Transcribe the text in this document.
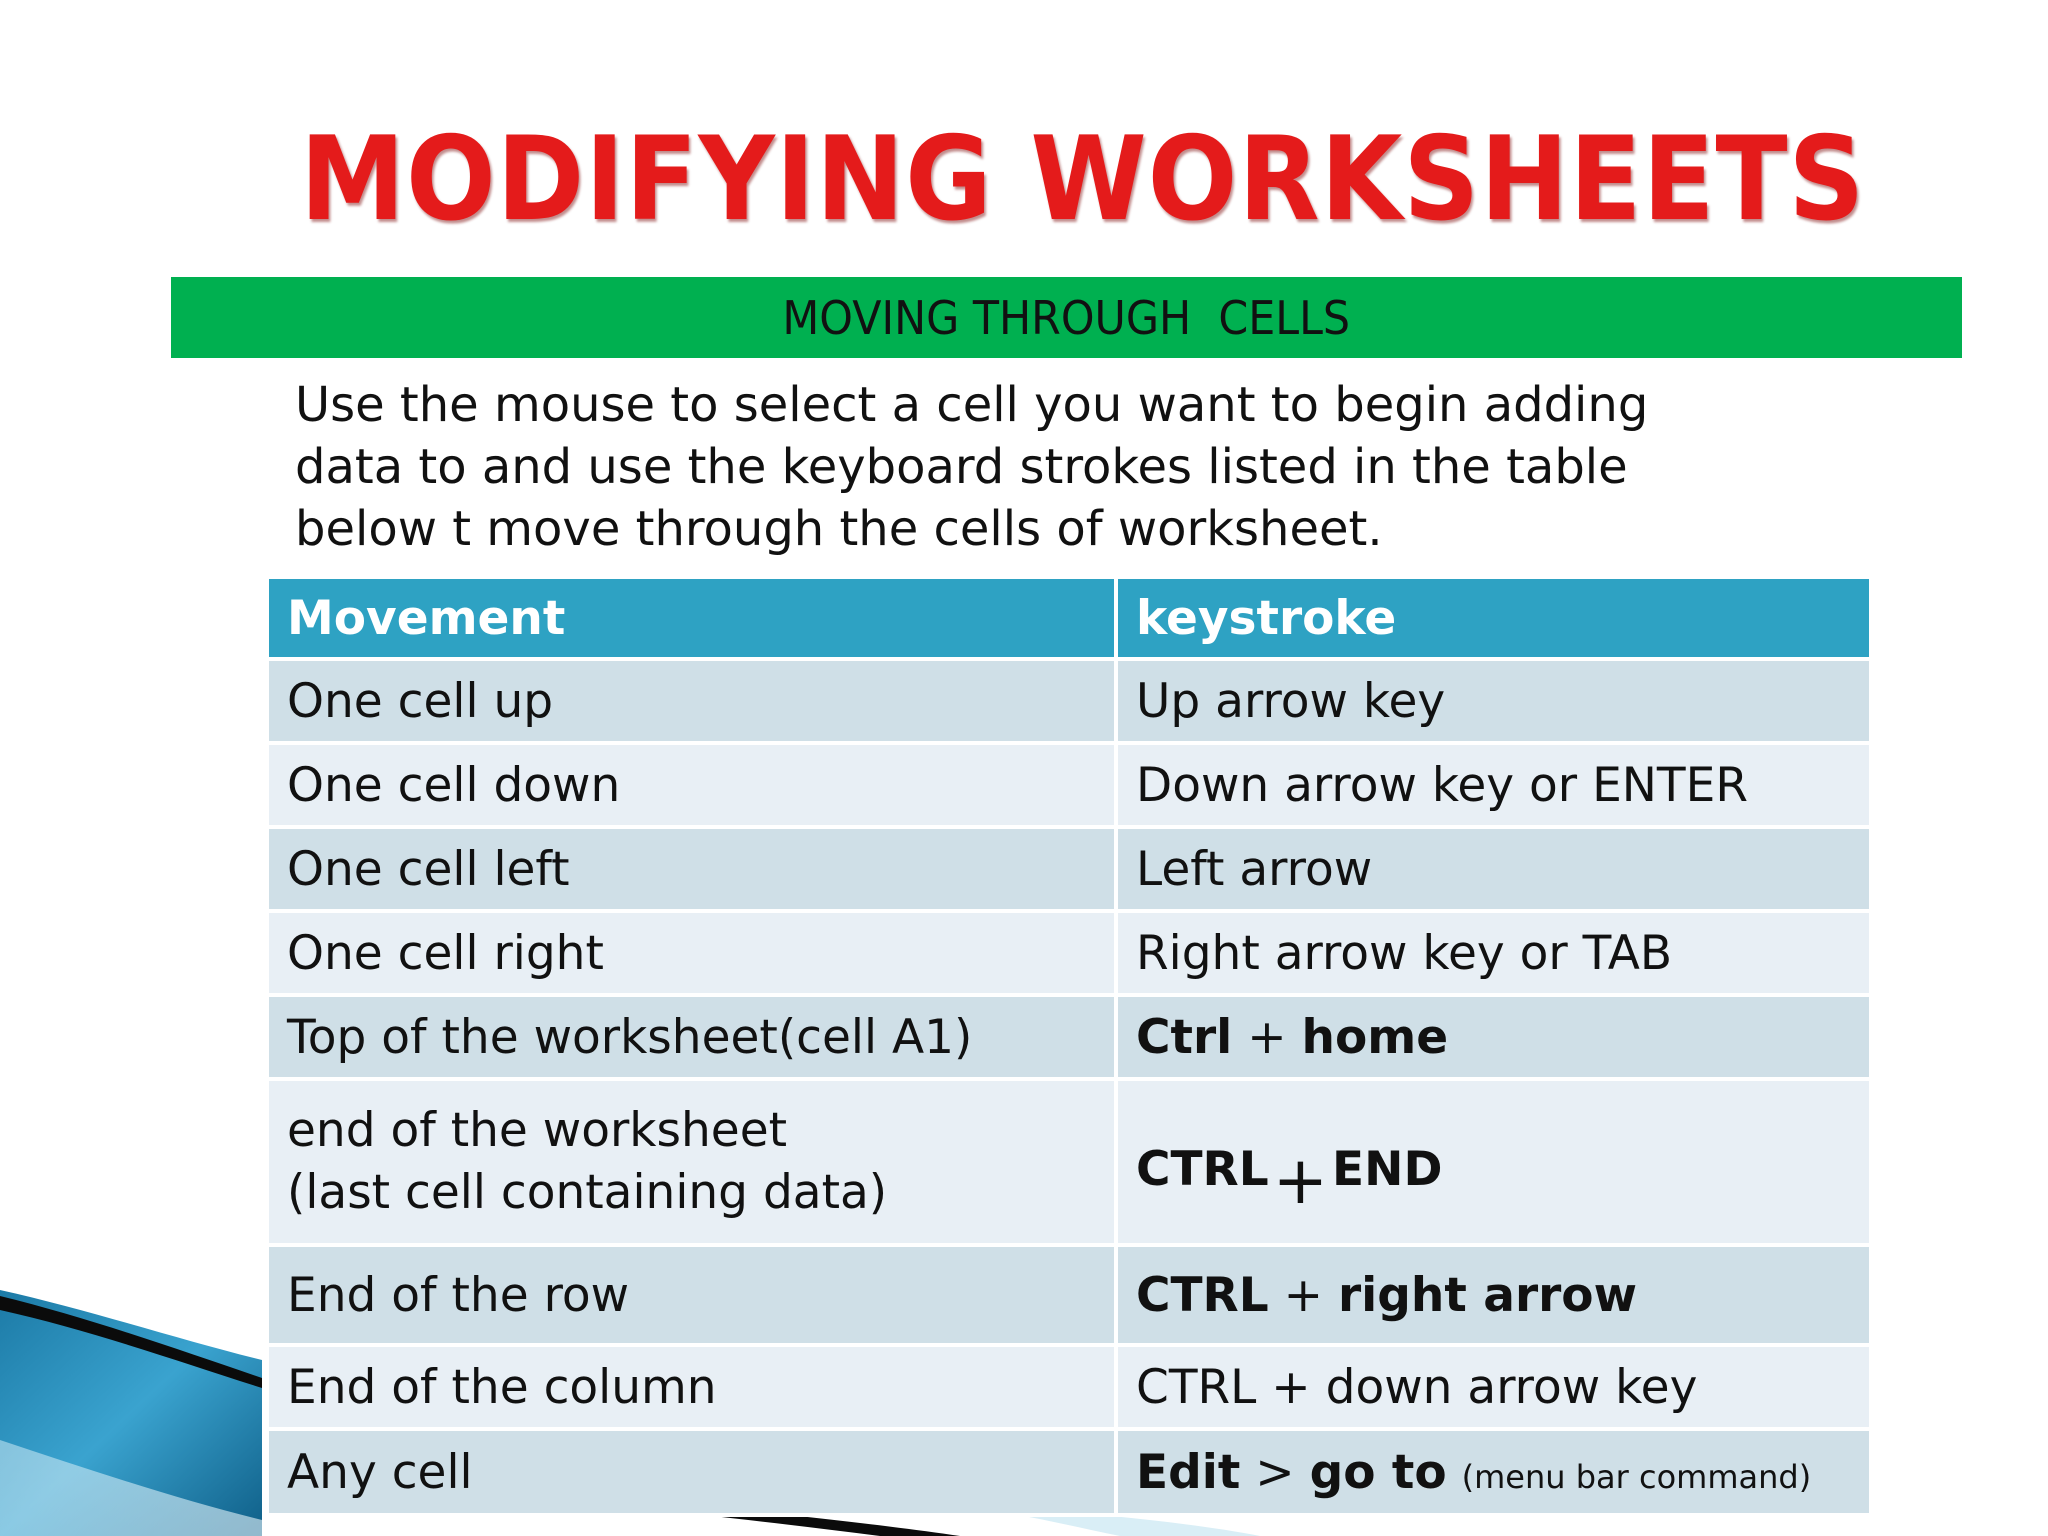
MODIFYING WORKSHEETS
MOVING THROUGH  CELLS

Use the mouse to select a cell you want to begin adding
data to and use the keyboard strokes listed in the table
below t move through the cells of worksheet.

Movement	keystroke
One cell up	Up arrow key
One cell down	Down arrow key or ENTER
One cell left	Left arrow
One cell right	Right arrow key or TAB
Top of the worksheet(cell A1)	Ctrl + home

end of the worksheet
(last cell containing data)	CTRL+END
End of the row	CTRL + right arrow
End of the column	CTRL + down arrow key
Any cell	Edit > go to (menu bar command)
